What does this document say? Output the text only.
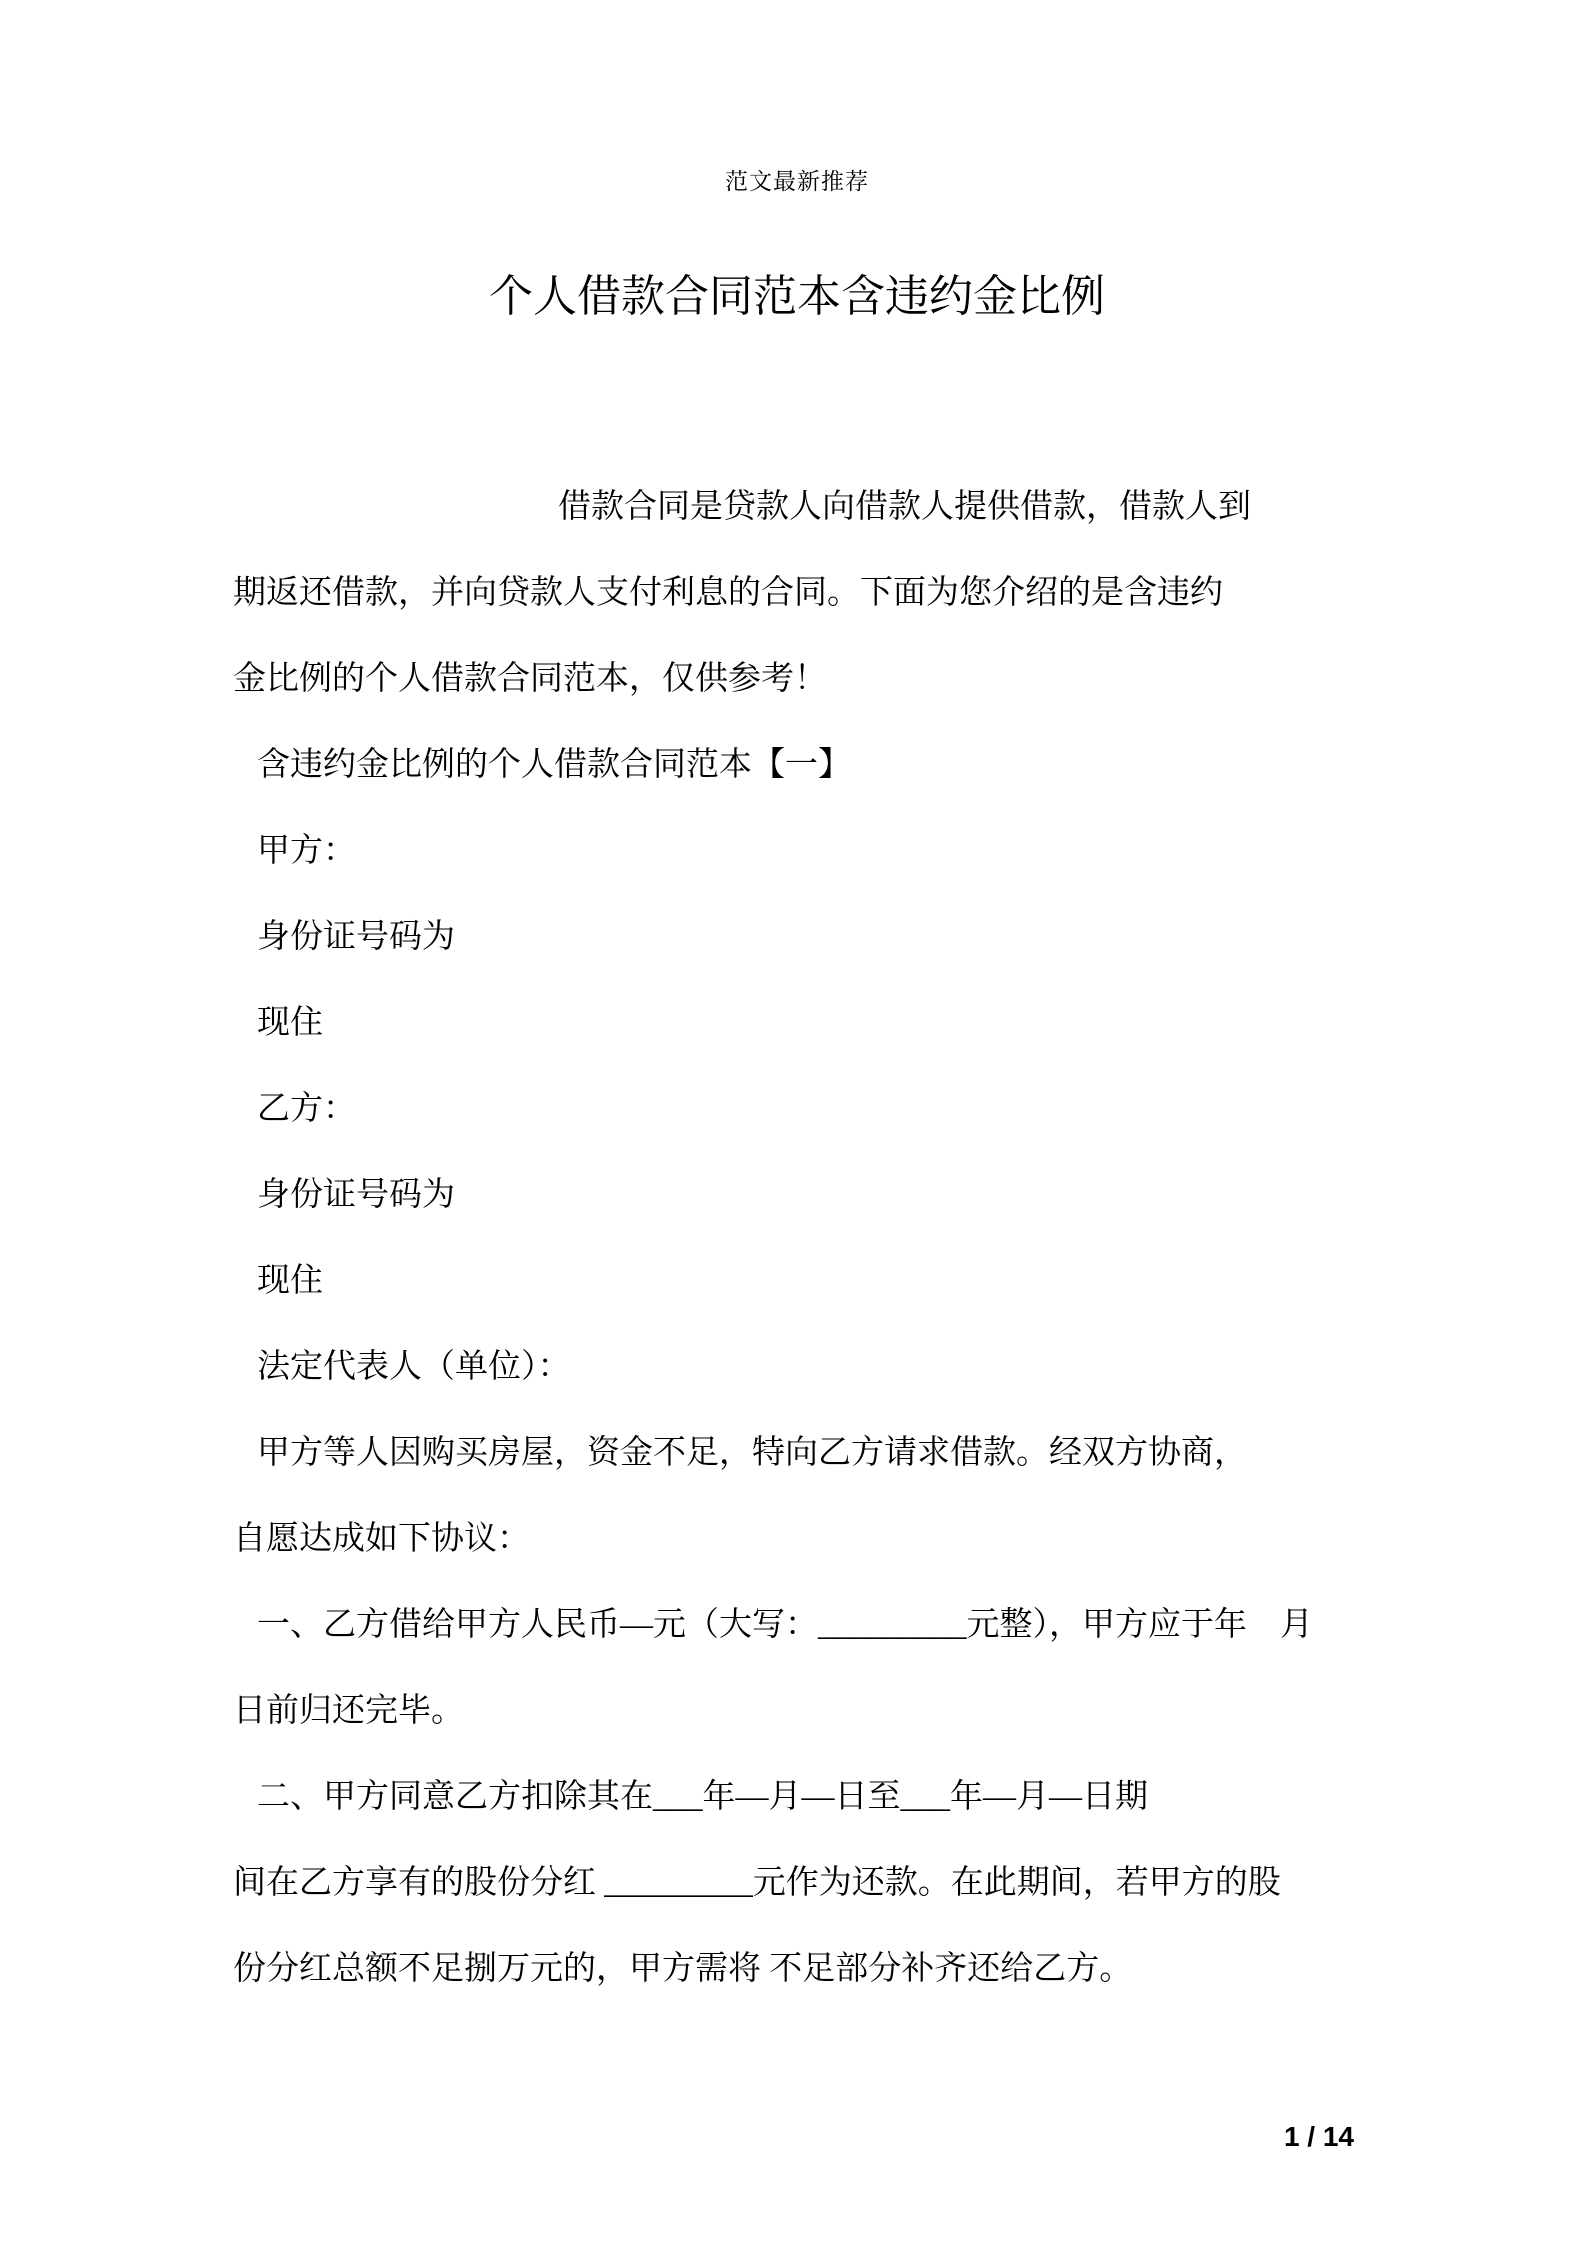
范文最新推荐
个人借款合同范本含违约金比例
借款合同是贷款人向借款人提供借款，借款人到
期返还借款，并向贷款人支付利息的合同。下面为您介绍的是含违约
金比例的个人借款合同范本，仅供参考！
含违约金比例的个人借款合同范本【一】
甲方：
身份证号码为
现住
乙方：
身份证号码为
现住
法定代表人（单位）：
甲方等人因购买房屋，资金不足，特向乙方请求借款。经双方协商，
自愿达成如下协议：
一、乙方借给甲方人民币—元（大写：_________元整），甲方应于年　月
日前归还完毕。
二、甲方同意乙方扣除其在___年—月—日至___年—月—日期
间在乙方享有的股份分红 _________元作为还款。在此期间，若甲方的股
份分红总额不足捌万元的，甲方需将 不足部分补齐还给乙方。
1 / 14
